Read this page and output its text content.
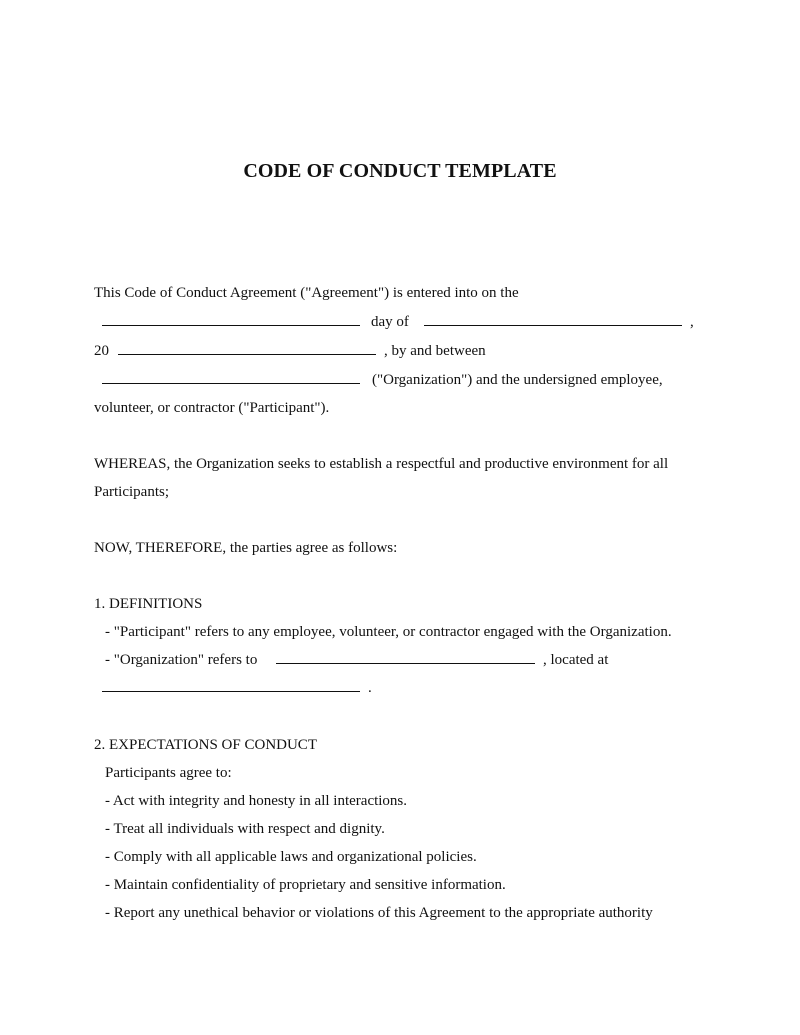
CODE OF CONDUCT TEMPLATE
This Code of Conduct Agreement ("Agreement") is entered into on the
day of	,
20	, by and between
("Organization") and the undersigned employee,
volunteer, or contractor ("Participant").
WHEREAS, the Organization seeks to establish a respectful and productive environment for all
Participants;
NOW, THEREFORE, the parties agree as follows:
1. DEFINITIONS
- "Participant" refers to any employee, volunteer, or contractor engaged with the Organization.
- "Organization" refers to	, located at
.
2. EXPECTATIONS OF CONDUCT
Participants agree to:
- Act with integrity and honesty in all interactions.
- Treat all individuals with respect and dignity.
- Comply with all applicable laws and organizational policies.
- Maintain confidentiality of proprietary and sensitive information.
- Report any unethical behavior or violations of this Agreement to the appropriate authority
